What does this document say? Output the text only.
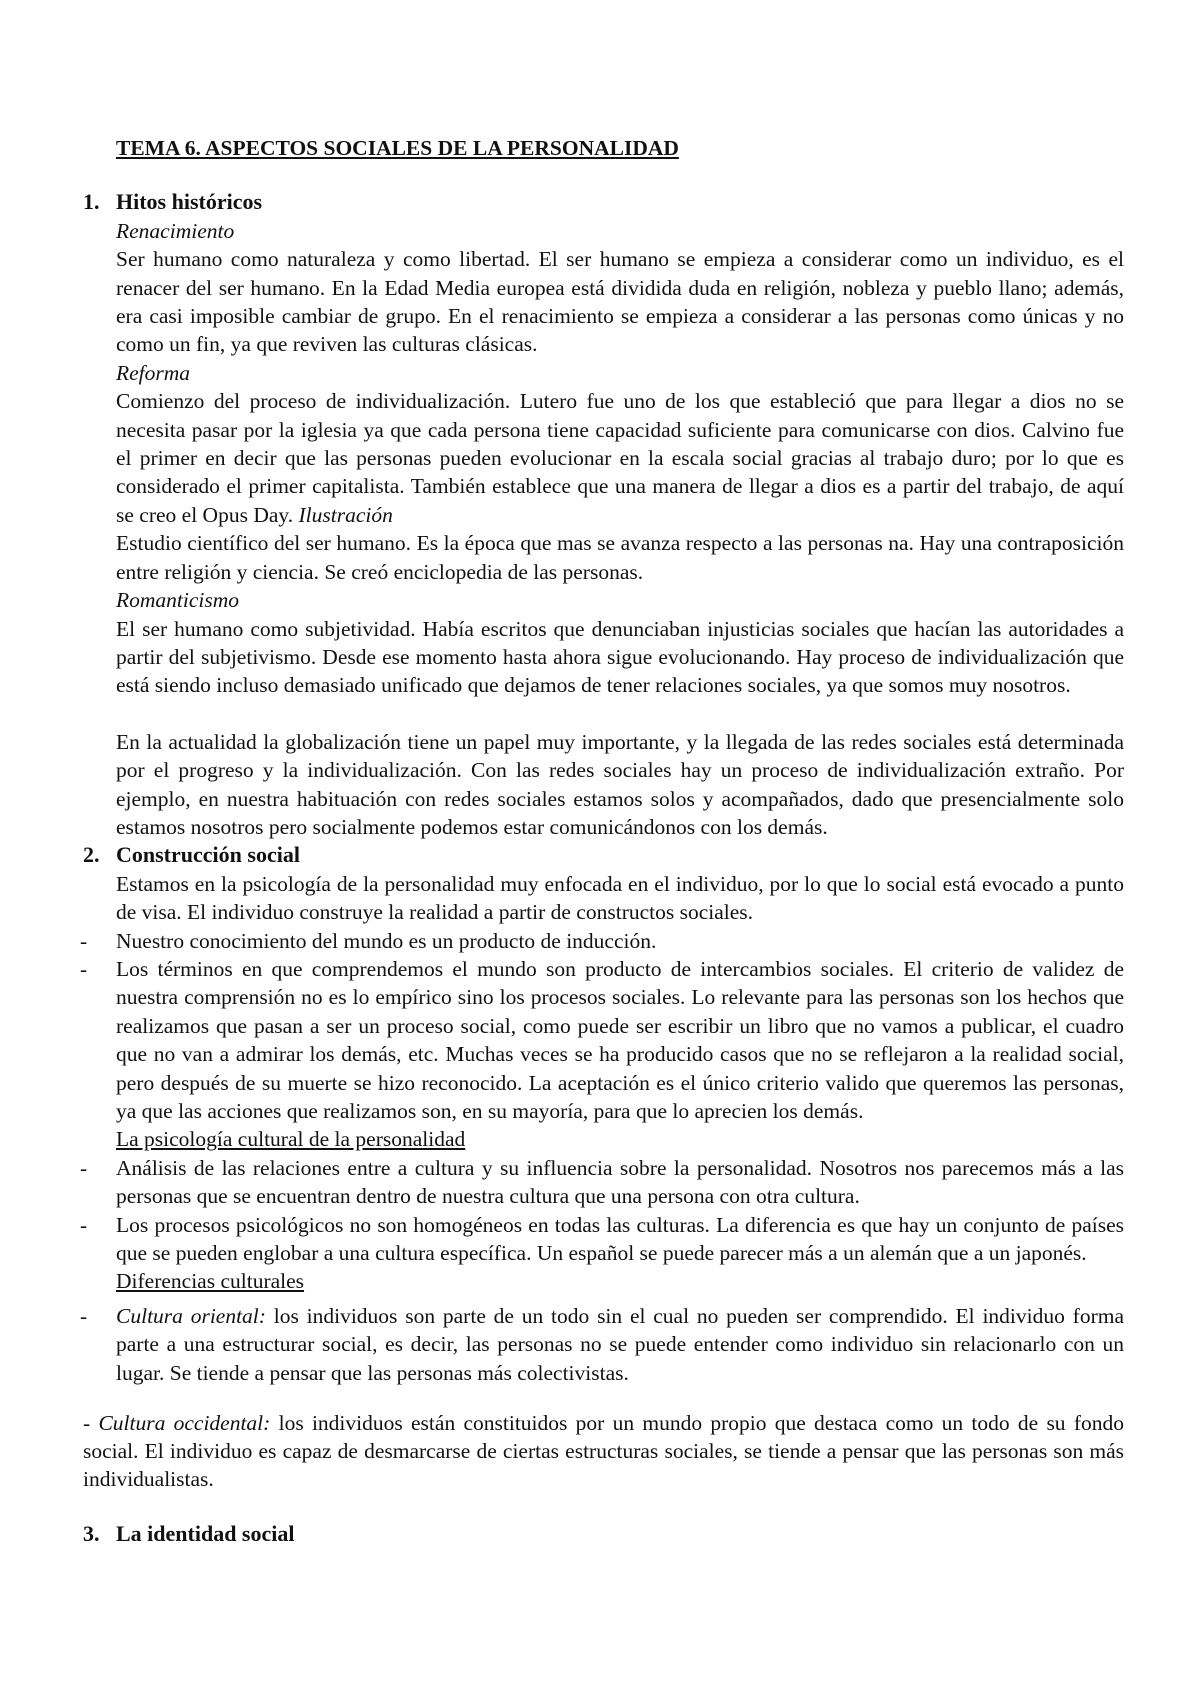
TEMA 6. ASPECTOS SOCIALES DE LA PERSONALIDAD

1. Hitos históricos
Renacimiento

Ser humano como naturaleza y como libertad. El ser humano se empieza a considerar como un individuo, es el renacer del ser humano. En la Edad Media europea está dividida duda en religión, nobleza y pueblo llano; además, era casi imposible cambiar de grupo. En el renacimiento se empieza a considerar a las personas como únicas y no como un fin, ya que reviven las culturas clásicas.

Reforma

Comienzo del proceso de individualización. Lutero fue uno de los que estableció que para llegar a dios no se necesita pasar por la iglesia ya que cada persona tiene capacidad suficiente para comunicarse con dios. Calvino fue el primer en decir que las personas pueden evolucionar en la escala social gracias al trabajo duro; por lo que es considerado el primer capitalista. También establece que una manera de llegar a dios es a partir del trabajo, de aquí se creo el Opus Day. Ilustración

Estudio científico del ser humano. Es la época que mas se avanza respecto a las personas na. Hay una contraposición entre religión y ciencia. Se creó enciclopedia de las personas.

Romanticismo

El ser humano como subjetividad. Había escritos que denunciaban injusticias sociales que hacían las autoridades a partir del subjetivismo. Desde ese momento hasta ahora sigue evolucionando. Hay proceso de individualización que está siendo incluso demasiado unificado que dejamos de tener relaciones sociales, ya que somos muy nosotros.

En la actualidad la globalización tiene un papel muy importante, y la llegada de las redes sociales está determinada por el progreso y la individualización. Con las redes sociales hay un proceso de individualización extraño. Por ejemplo, en nuestra habituación con redes sociales estamos solos y acompañados, dado que presencialmente solo estamos nosotros pero socialmente podemos estar comunicándonos con los demás.

2. Construcción social

Estamos en la psicología de la personalidad muy enfocada en el individuo, por lo que lo social está evocado a punto de visa. El individuo construye la realidad a partir de constructos sociales.

- Nuestro conocimiento del mundo es un producto de inducción.

- Los términos en que comprendemos el mundo son producto de intercambios sociales. El criterio de validez de nuestra comprensión no es lo empírico sino los procesos sociales. Lo relevante para las personas son los hechos que realizamos que pasan a ser un proceso social, como puede ser escribir un libro que no vamos a publicar, el cuadro que no van a admirar los demás, etc. Muchas veces se ha producido casos que no se reflejaron a la realidad social, pero después de su muerte se hizo reconocido. La aceptación es el único criterio valido que queremos las personas, ya que las acciones que realizamos son, en su mayoría, para que lo aprecien los demás.

La psicología cultural de la personalidad
- Análisis de las relaciones entre a cultura y su influencia sobre la personalidad. Nosotros nos parecemos más a las personas que se encuentran dentro de nuestra cultura que una persona con otra cultura.

- Los procesos psicológicos no son homogéneos en todas las culturas. La diferencia es que hay un conjunto de países que se pueden englobar a una cultura específica. Un español se puede parecer más a un alemán que a un japonés.

Diferencias culturales
- Cultura oriental: los individuos son parte de un todo sin el cual no pueden ser comprendido. El individuo forma parte a una estructurar social, es decir, las personas no se puede entender como individuo sin relacionarlo con un lugar. Se tiende a pensar que las personas más colectivistas.

- Cultura occidental: los individuos están constituidos por un mundo propio que destaca como un todo de su fondo social. El individuo es capaz de desmarcarse de ciertas estructuras sociales, se tiende a pensar que las personas son más individualistas.

3. La identidad social
